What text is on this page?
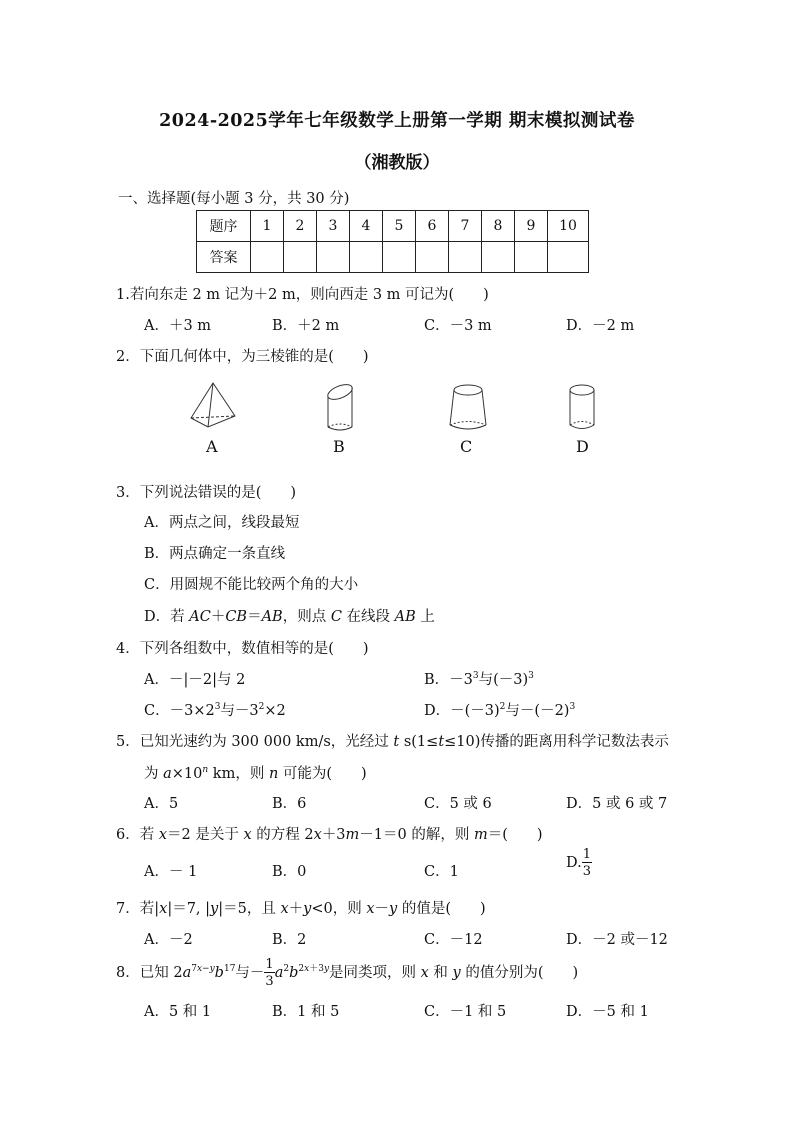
2024-2025学年七年级数学上册第一学期 期末模拟测试卷
（湘教版）
一、选择题(每小题 3 分，共 30 分)
题序	1	2	3	4	5	6	7	8	9	10
答案										
1.若向东走 2 m 记为＋2 m，则向西走 3 m 可记为(　　)
A．＋3 m	B．＋2 m	C．－3 m	D．－2 m
2．下面几何体中，为三棱锥的是(　　)
A	B	C	D
3．下列说法错误的是(　　)
A．两点之间，线段最短
B．两点确定一条直线
C．用圆规不能比较两个角的大小
D．若 AC＋CB＝AB，则点 C 在线段 AB 上
4．下列各组数中，数值相等的是(　　)
A．－|－2|与 2	B．$-3^3$与$(-3)^3$
C．$-3\times 2^3$与$-3^2\times 2$	D．$-(-3)^2$与$-(-2)^3$
5．已知光速约为 300 000 km/s，光经过 t s(1≤t≤10)传播的距离用科学记数法表示
为 $a\times 10^n$ km，则 n 可能为(　　)
A．5	B．6	C．5 或 6	D．5 或 6 或 7
6．若 x＝2 是关于 x 的方程 2x＋3m－1＝0 的解，则 m＝(　　)
A．－ 1	B．0	C．1
D. $\frac{1}{3}$
7．若|x|＝7, |y|＝5，且 x＋y<0，则 x－y 的值是(　　)
A．－2	B．2	C．－12	D．－2 或－12
8．已知 $2a^{7x-y}b^{17}$与－ $\frac{1}{3} a^2b^{2x+3y}$是同类项，则 x 和 y 的值分别为(　　)
A．5 和 1	B．1 和 5	C．－1 和 5	D．－5 和 1
